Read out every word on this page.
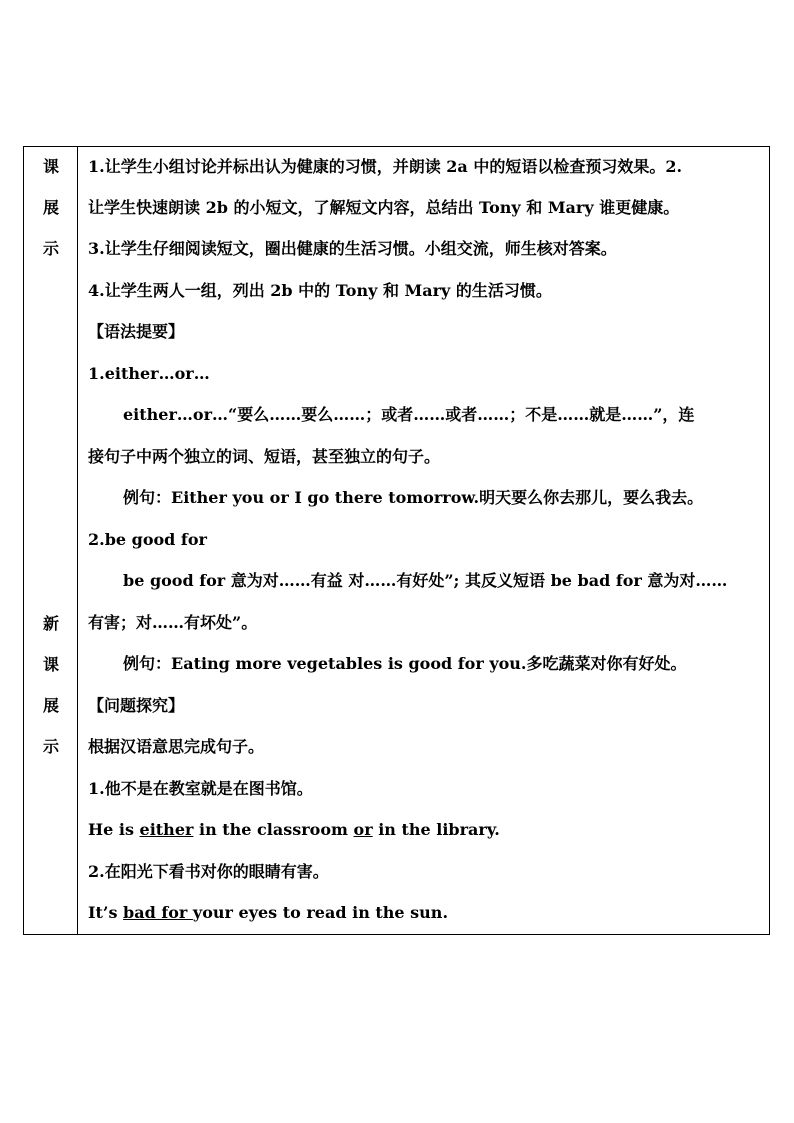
课
展
示
新
课
展
示
1.让学生小组讨论并标出认为健康的习惯，并朗读 2a 中的短语以检查预习效果。2.
让学生快速朗读 2b 的小短文，了解短文内容，总结出 Tony 和 Mary 谁更健康。
3.让学生仔细阅读短文，圈出健康的生活习惯。小组交流，师生核对答案。
4.让学生两人一组，列出 2b 中的 Tony 和 Mary 的生活习惯。
【语法提要】
1.either…or…
either…or…“要么……要么……；或者……或者……；不是……就是……”，连
接句子中两个独立的词、短语，甚至独立的句子。
例句：Either you or I go there tomorrow.明天要么你去那儿，要么我去。
2.be good for
be good for 意为对……有益 对……有好处”; 其反义短语 be bad for 意为对……
有害；对……有坏处”。
例句：Eating more vegetables is good for you.多吃蔬菜对你有好处。
【问题探究】
根据汉语意思完成句子。
1.他不是在教室就是在图书馆。
He is either in the classroom or in the library.
2.在阳光下看书对你的眼睛有害。
It’s bad for your eyes to read in the sun.
